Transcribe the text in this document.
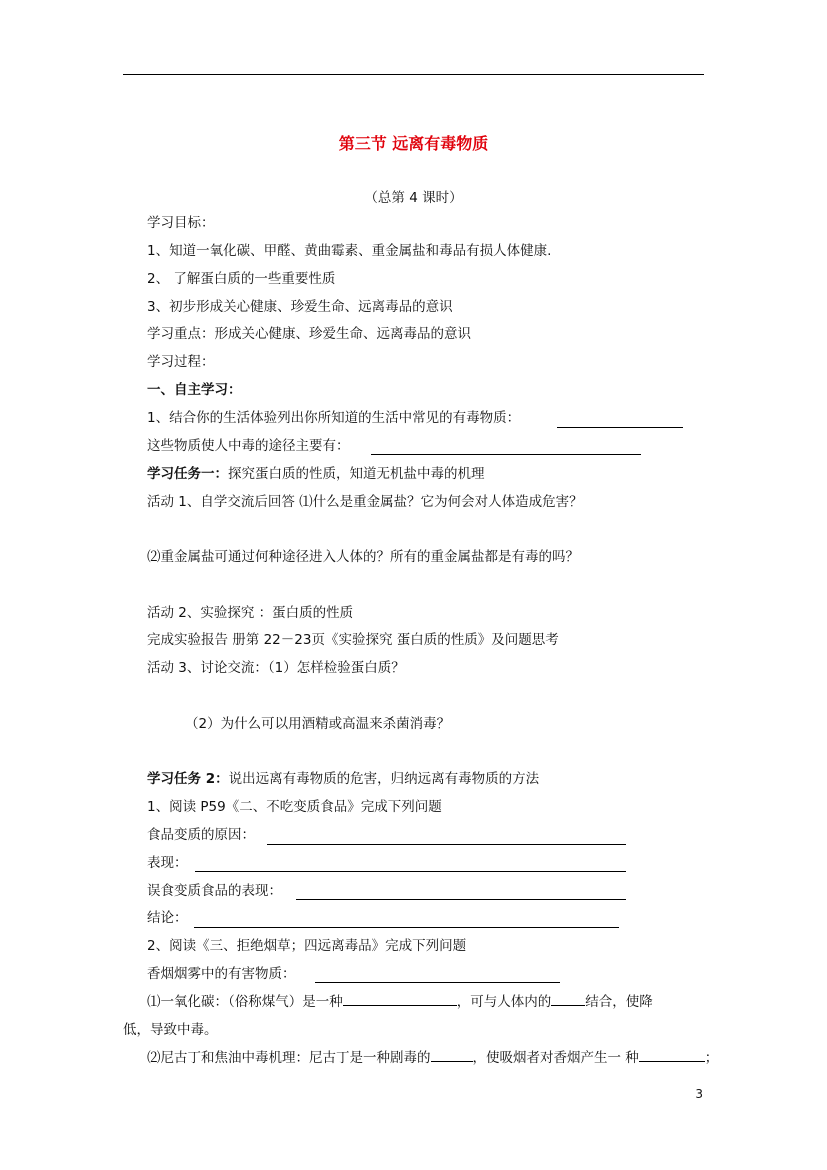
第三节 远离有毒物质
（总第 4 课时）
学习目标：
1、知道一氧化碳、甲醛、黄曲霉素、重金属盐和毒品有损人体健康.
2、 了解蛋白质的一些重要性质
3、初步形成关心健康、珍爱生命、远离毒品的意识
学习重点：形成关心健康、珍爱生命、远离毒品的意识
学习过程：
一、自主学习：
1、结合你的生活体验列出你所知道的生活中常见的有毒物质：
这些物质使人中毒的途径主要有：
学习任务一：探究蛋白质的性质，知道无机盐中毒的机理
活动 1、自学交流后回答 ⑴什么是重金属盐？它为何会对人体造成危害？
⑵重金属盐可通过何种途径进入人体的？所有的重金属盐都是有毒的吗？
活动 2、实验探究 ：蛋白质的性质
完成实验报告 册第 22－23页《实验探究 蛋白质的性质》及问题思考
活动 3、讨论交流：（1）怎样检验蛋白质？
（2）为什么可以用酒精或高温来杀菌消毒？
学习任务 2：说出远离有毒物质的危害，归纳远离有毒物质的方法
1、阅读 P59《二、不吃变质食品》完成下列问题
食品变质的原因：
表现：
误食变质食品的表现：
结论：
2、阅读《三、拒绝烟草；四远离毒品》完成下列问题
香烟烟雾中的有害物质：
⑴一氧化碳：（俗称煤气）是一种	，可与人体内的	结合，使降
低，导致中毒。
⑵尼古丁和焦油中毒机理：尼古丁是一种剧毒的	，使吸烟者对香烟产生一 种	；
3
